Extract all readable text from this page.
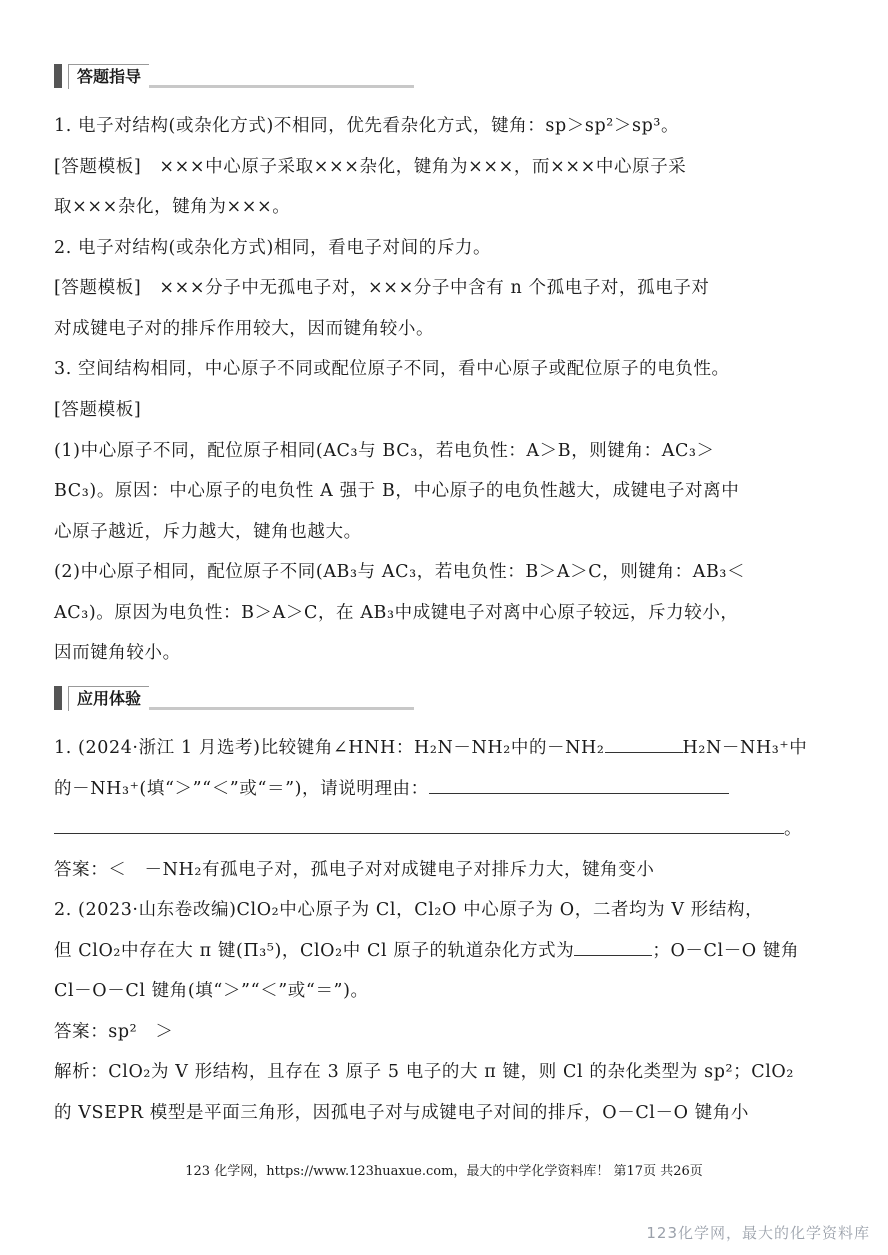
答题指导
1. 电子对结构(或杂化方式)不相同，优先看杂化方式，键角：sp＞sp²＞sp³。
[答题模板]　×××中心原子采取×××杂化，键角为×××，而×××中心原子采
取×××杂化，键角为×××。
2. 电子对结构(或杂化方式)相同，看电子对间的斥力。
[答题模板]　×××分子中无孤电子对，×××分子中含有 n 个孤电子对，孤电子对
对成键电子对的排斥作用较大，因而键角较小。
3. 空间结构相同，中心原子不同或配位原子不同，看中心原子或配位原子的电负性。
[答题模板]
(1)中心原子不同，配位原子相同(AC₃与 BC₃，若电负性：A＞B，则键角：AC₃＞
BC₃)。原因：中心原子的电负性 A 强于 B，中心原子的电负性越大，成键电子对离中
心原子越近，斥力越大，键角也越大。
(2)中心原子相同，配位原子不同(AB₃与 AC₃，若电负性：B＞A＞C，则键角：AB₃＜
AC₃)。原因为电负性：B＞A＞C，在 AB₃中成键电子对离中心原子较远，斥力较小，
因而键角较小。
应用体验
1. (2024·浙江 1 月选考)比较键角∠HNH：H₂N－NH₂中的－NH₂	H₂N－NH₃⁺中
的－NH₃⁺(填“＞”“＜”或“＝”)，请说明理由：
。
答案：＜　－NH₂有孤电子对，孤电子对对成键电子对排斥力大，键角变小
2. (2023·山东卷改编)ClO₂中心原子为 Cl，Cl₂O 中心原子为 O，二者均为 V 形结构，
但 ClO₂中存在大 π 键(Π₃⁵)，ClO₂中 Cl 原子的轨道杂化方式为	；O－Cl－O 键角
Cl－O－Cl 键角(填“＞”“＜”或“＝”)。
答案：sp²　＞
解析：ClO₂为 V 形结构，且存在 3 原子 5 电子的大 π 键，则 Cl 的杂化类型为 sp²；ClO₂
的 VSEPR 模型是平面三角形，因孤电子对与成键电子对间的排斥，O－Cl－O 键角小
123 化学网，https://www.123huaxue.com，最大的中学化学资料库！ 第17页 共26页
123化学网，最大的化学资料库
